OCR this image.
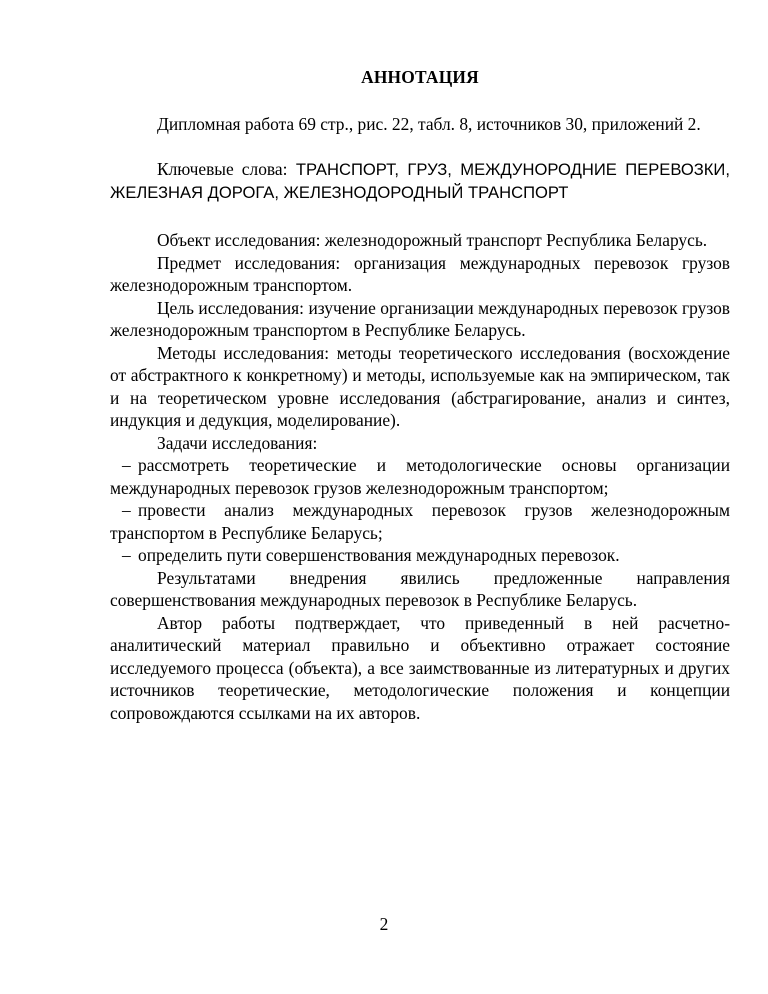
АННОТАЦИЯ

Дипломная работа 69 стр., рис. 22, табл. 8, источников 30, приложений 2.

Ключевые слова: ТРАНСПОРТ, ГРУЗ, МЕЖДУНОРОДНИЕ ПЕРЕВОЗКИ, ЖЕЛЕЗНАЯ ДОРОГА, ЖЕЛЕЗНОДОРОДНЫЙ ТРАНСПОРТ

Объект исследования: железнодорожный транспорт Республика Беларусь.

Предмет исследования: организация международных перевозок грузов железнодорожным транспортом.

Цель исследования: изучение организации международных перевозок грузов железнодорожным транспортом в Республике Беларусь.

Методы исследования: методы теоретического исследования (восхождение от абстрактного к конкретному) и методы, используемые как на эмпирическом, так и на теоретическом уровне исследования (абстрагирование, анализ и синтез, индукция и дедукция, моделирование).

Задачи исследования:

– рассмотреть теоретические и методологические основы организации международных перевозок грузов железнодорожным транспортом;
– провести анализ международных перевозок грузов железнодорожным транспортом в Республике Беларусь;
– определить пути совершенствования международных перевозок.

Результатами внедрения явились предложенные направления совершенствования международных перевозок в Республике Беларусь.

Автор работы подтверждает, что приведенный в ней расчетно-аналитический материал правильно и объективно отражает состояние исследуемого процесса (объекта), а все заимствованные из литературных и других источников теоретические, методологические положения и концепции сопровождаются ссылками на их авторов.

2
